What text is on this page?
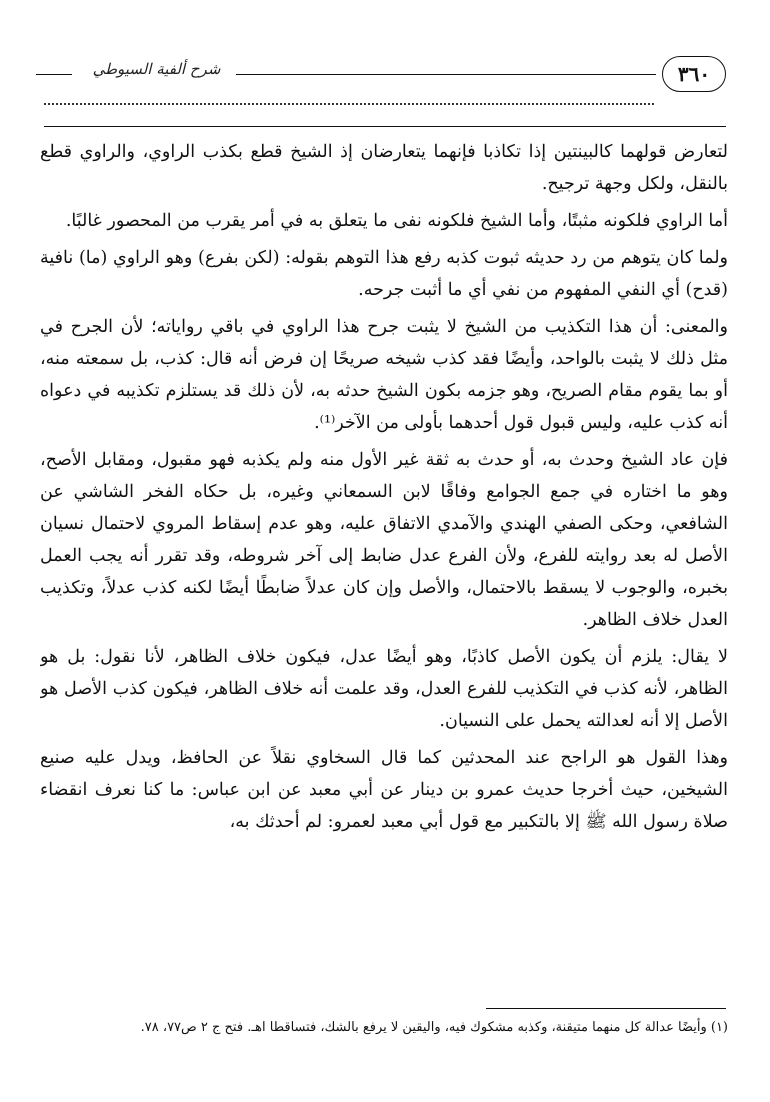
٣٦٠
شرح ألفية السيوطي

لتعارض قولهما كالبينتين إذا تكاذبا فإنهما يتعارضان إذ الشيخ قطع بكذب الراوي، والراوي قطع بالنقل، ولكل وجهة ترجيح.

أما الراوي فلكونه مثبتًا، وأما الشيخ فلكونه نفى ما يتعلق به في أمر يقرب من المحصور غالبًا.

ولما كان يتوهم من رد حديثه ثبوت كذبه رفع هذا التوهم بقوله: (لكن بفرع) وهو الراوي (ما) نافية (قدح) أي النفي المفهوم من نفي أي ما أثبت جرحه.

والمعنى: أن هذا التكذيب من الشيخ لا يثبت جرح هذا الراوي في باقي رواياته؛ لأن الجرح في مثل ذلك لا يثبت بالواحد، وأيضًا فقد كذب شيخه صريحًا إن فرض أنه قال: كذب، بل سمعته منه، أو بما يقوم مقام الصريح، وهو جزمه بكون الشيخ حدثه به، لأن ذلك قد يستلزم تكذيبه في دعواه أنه كذب عليه، وليس قبول قول أحدهما بأولى من الآخر⁽¹⁾.

فإن عاد الشيخ وحدث به، أو حدث به ثقة غير الأول منه ولم يكذبه فهو مقبول، ومقابل الأصح، وهو ما اختاره في جمع الجوامع وفاقًا لابن السمعاني وغيره، بل حكاه الفخر الشاشي عن الشافعي، وحكى الصفي الهندي والآمدي الاتفاق عليه، وهو عدم إسقاط المروي لاحتمال نسيان الأصل له بعد روايته للفرع، ولأن الفرع عدل ضابط إلى آخر شروطه، وقد تقرر أنه يجب العمل بخبره، والوجوب لا يسقط بالاحتمال، والأصل وإن كان عدلاً ضابطًا أيضًا لكنه كذب عدلاً، وتكذيب العدل خلاف الظاهر.

لا يقال: يلزم أن يكون الأصل كاذبًا، وهو أيضًا عدل، فيكون خلاف الظاهر، لأنا نقول: بل هو الظاهر، لأنه كذب في التكذيب للفرع العدل، وقد علمت أنه خلاف الظاهر، فيكون كذب الأصل هو الأصل إلا أنه لعدالته يحمل على النسيان.

وهذا القول هو الراجح عند المحدثين كما قال السخاوي نقلاً عن الحافظ، ويدل عليه صنيع الشيخين، حيث أخرجا حديث عمرو بن دينار عن أبي معبد عن ابن عباس: ما كنا نعرف انقضاء صلاة رسول الله ﷺ إلا بالتكبير مع قول أبي معبد لعمرو: لم أحدثك به،

(١) وأيضًا عدالة كل منهما متيقنة، وكذبه مشكوك فيه، واليقين لا يرفع بالشك، فتساقطا اهـ. فتح ج ٢ ص٧٧، ٧٨.
